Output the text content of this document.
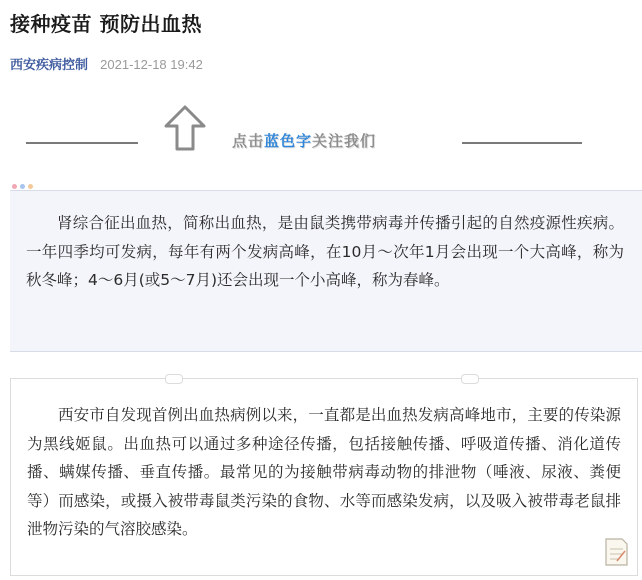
接种疫苗 预防出血热
西安疾病控制 2021-12-18 19:42
点击蓝色字关注我们

肾综合征出血热，简称出血热，是由鼠类携带病毒并传播引起的自然疫源性疾病。一年四季均可发病，每年有两个发病高峰，在10月～次年1月会出现一个大高峰，称为秋冬峰；4～6月(或5～7月)还会出现一个小高峰，称为春峰。

西安市自发现首例出血热病例以来，一直都是出血热发病高峰地市，主要的传染源为黑线姬鼠。出血热可以通过多种途径传播，包括接触传播、呼吸道传播、消化道传播、螨媒传播、垂直传播。最常见的为接触带病毒动物的排泄物（唾液、尿液、粪便等）而感染，或摄入被带毒鼠类污染的食物、水等而感染发病，以及吸入被带毒老鼠排泄物污染的气溶胶感染。
